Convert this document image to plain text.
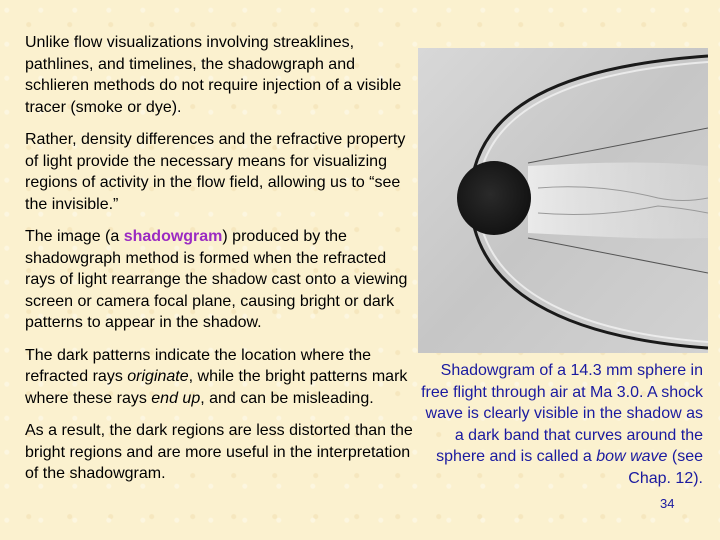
Unlike flow visualizations involving streaklines, pathlines, and timelines, the shadowgraph and schlieren methods do not require injection of a visible tracer (smoke or dye).

Rather, density differences and the refractive property of light provide the necessary means for visualizing regions of activity in the flow field, allowing us to “see the invisible.”

The image (a shadowgram) produced by the shadowgraph method is formed when the refracted rays of light rearrange the shadow cast onto a viewing screen or camera focal plane, causing bright or dark patterns to appear in the shadow.

The dark patterns indicate the location where the refracted rays originate, while the bright patterns mark where these rays end up, and can be misleading.

As a result, the dark regions are less distorted than the bright regions and are more useful in the interpretation of the shadowgram.

Shadowgram of a 14.3 mm sphere in free flight through air at Ma 3.0. A shock wave is clearly visible in the shadow as a dark band that curves around the sphere and is called a bow wave (see Chap. 12).
34
